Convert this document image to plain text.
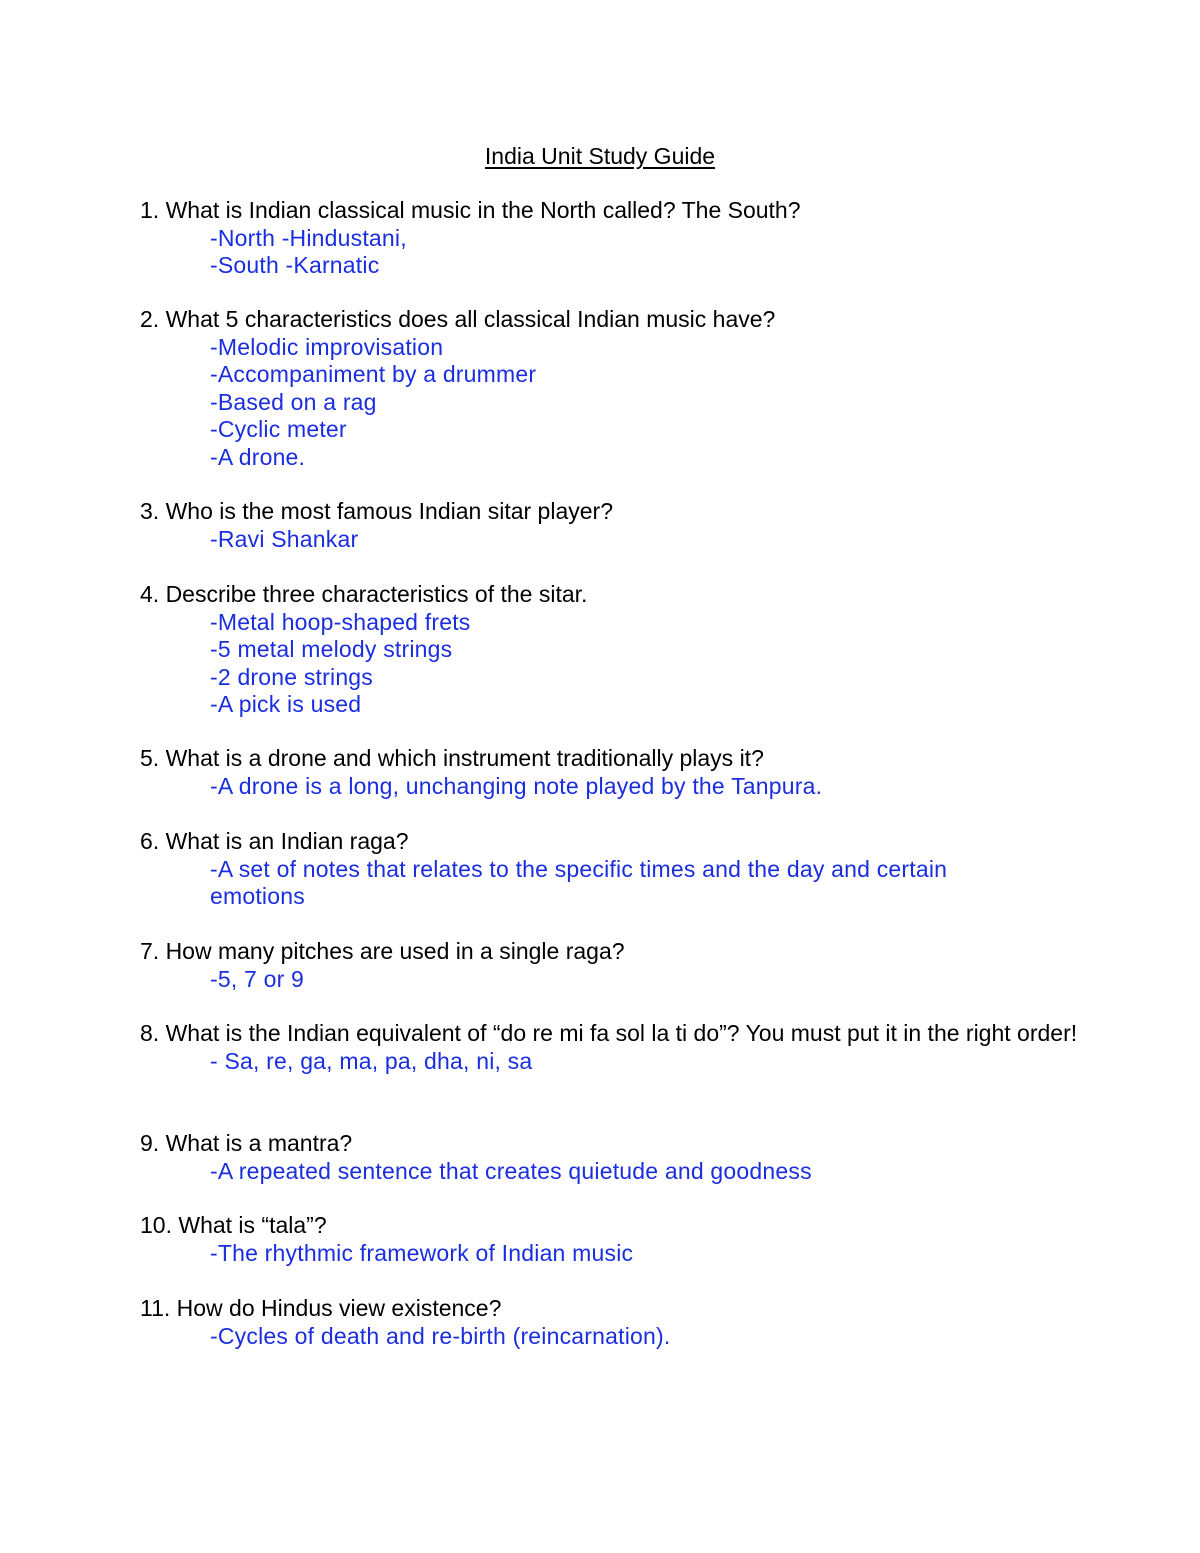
India Unit Study Guide

1. What is Indian classical music in the North called? The South?

-North -Hindustani,
-South -Karnatic

2. What 5 characteristics does all classical Indian music have?

-Melodic improvisation
-Accompaniment by a drummer
-Based on a rag
-Cyclic meter
-A drone.

3. Who is the most famous Indian sitar player?

-Ravi Shankar

4. Describe three characteristics of the sitar.

-Metal hoop-shaped frets
-5 metal melody strings
-2 drone strings
-A pick is used

5. What is a drone and which instrument traditionally plays it?

-A drone is a long, unchanging note played by the Tanpura.

6. What is an Indian raga?

-A set of notes that relates to the specific times and the day and certain emotions

7. How many pitches are used in a single raga?

-5, 7 or 9

8. What is the Indian equivalent of “do re mi fa sol la ti do”? You must put it in the right order!

- Sa, re, ga, ma, pa, dha, ni, sa

9. What is a mantra?

-A repeated sentence that creates quietude and goodness

10. What is “tala”?

-The rhythmic framework of Indian music

11. How do Hindus view existence?

-Cycles of death and re-birth (reincarnation).
